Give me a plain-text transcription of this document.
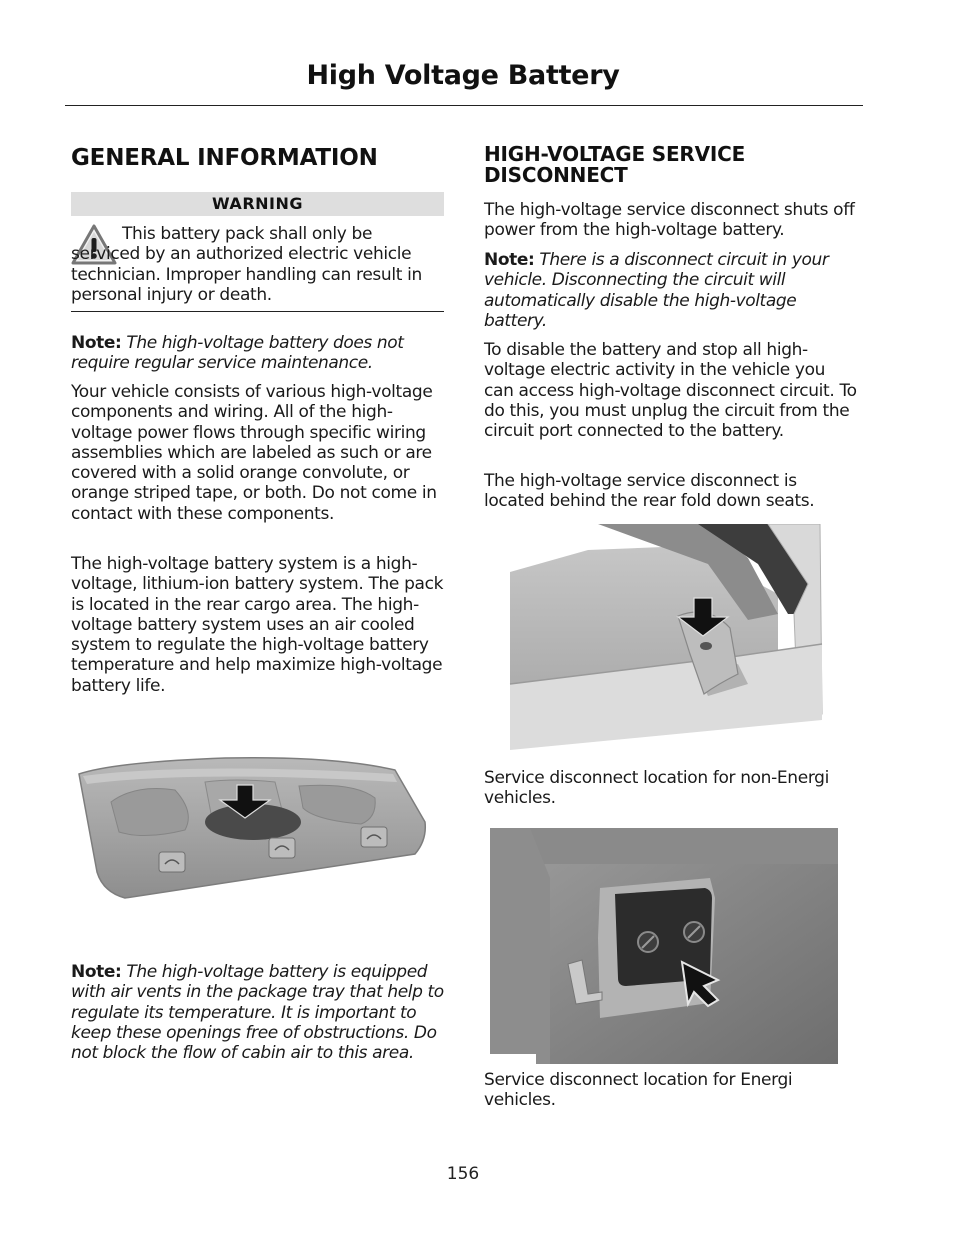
High Voltage Battery
GENERAL INFORMATION
WARNING
This battery pack shall only be serviced by an authorized electric vehicle technician. Improper handling can result in personal injury or death.

Note: The high-voltage battery does not require regular service maintenance.

Your vehicle consists of various high-voltage components and wiring. All of the high-voltage power flows through specific wiring assemblies which are labeled as such or are covered with a solid orange convolute, or orange striped tape, or both. Do not come in contact with these components.

The high-voltage battery system is a high-voltage, lithium-ion battery system. The pack is located in the rear cargo area. The high-voltage battery system uses an air cooled system to regulate the high-voltage battery temperature and help maximize high-voltage battery life.

Note: The high-voltage battery is equipped with air vents in the package tray that help to regulate its temperature. It is important to keep these openings free of obstructions. Do not block the flow of cabin air to this area.

HIGH-VOLTAGE SERVICE
DISCONNECT

The high-voltage service disconnect shuts off power from the high-voltage battery.

Note: There is a disconnect circuit in your vehicle. Disconnecting the circuit will automatically disable the high-voltage battery.

To disable the battery and stop all high-voltage electric activity in the vehicle you can access high-voltage disconnect circuit. To do this, you must unplug the circuit from the circuit port connected to the battery.

The high-voltage service disconnect is located behind the rear fold down seats.

Service disconnect location for non-Energi vehicles.

Service disconnect location for Energi vehicles.

156
